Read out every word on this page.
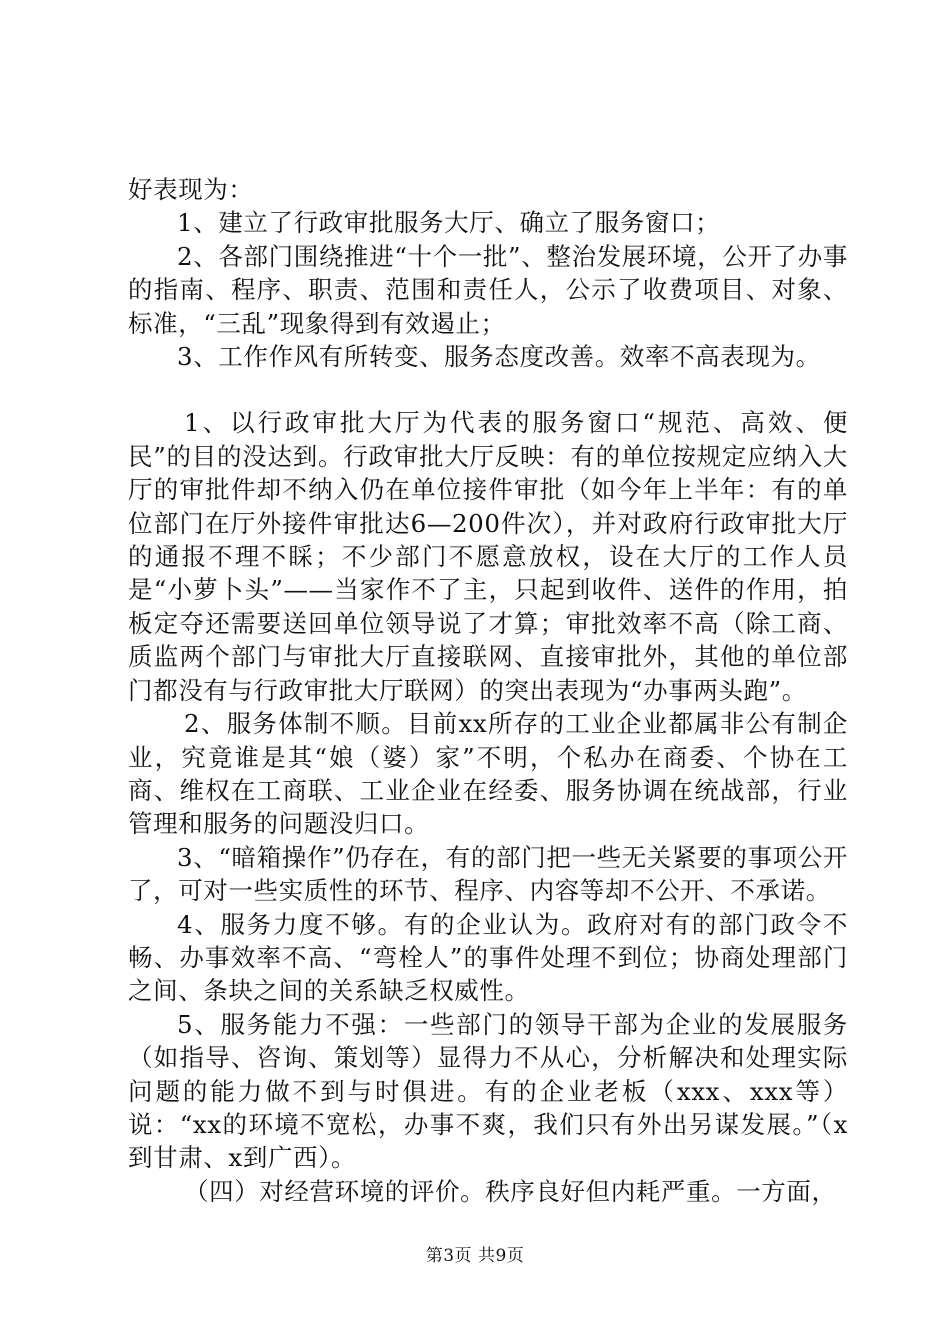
好表现为：

1、建立了行政审批服务大厅、确立了服务窗口；

2、各部门围绕推进“十个一批”、整治发展环境，公开了办事的指南、程序、职责、范围和责任人，公示了收费项目、对象、标准，“三乱”现象得到有效遏止；

3、工作作风有所转变、服务态度改善。效率不高表现为。

1、以行政审批大厅为代表的服务窗口“规范、高效、便民”的目的没达到。行政审批大厅反映：有的单位按规定应纳入大厅的审批件却不纳入仍在单位接件审批（如今年上半年：有的单位部门在厅外接件审批达6—200件次），并对政府行政审批大厅的通报不理不睬；不少部门不愿意放权，设在大厅的工作人员是“小萝卜头”——当家作不了主，只起到收件、送件的作用，拍板定夺还需要送回单位领导说了才算；审批效率不高（除工商、质监两个部门与审批大厅直接联网、直接审批外，其他的单位部门都没有与行政审批大厅联网）的突出表现为“办事两头跑”。

2、服务体制不顺。目前xx所存的工业企业都属非公有制企业，究竟谁是其“娘（婆）家”不明，个私办在商委、个协在工商、维权在工商联、工业企业在经委、服务协调在统战部，行业管理和服务的问题没归口。

3、“暗箱操作”仍存在，有的部门把一些无关紧要的事项公开了，可对一些实质性的环节、程序、内容等却不公开、不承诺。

4、服务力度不够。有的企业认为。政府对有的部门政令不畅、办事效率不高、“弯栓人”的事件处理不到位；协商处理部门之间、条块之间的关系缺乏权威性。

5、服务能力不强：一些部门的领导干部为企业的发展服务（如指导、咨询、策划等）显得力不从心，分析解决和处理实际问题的能力做不到与时俱进。有的企业老板（xxx、xxx等）说：“xx的环境不宽松，办事不爽，我们只有外出另谋发展。”（x到甘肃、x到广西）。

（四）对经营环境的评价。秩序良好但内耗严重。一方面，

第3页 共9页
